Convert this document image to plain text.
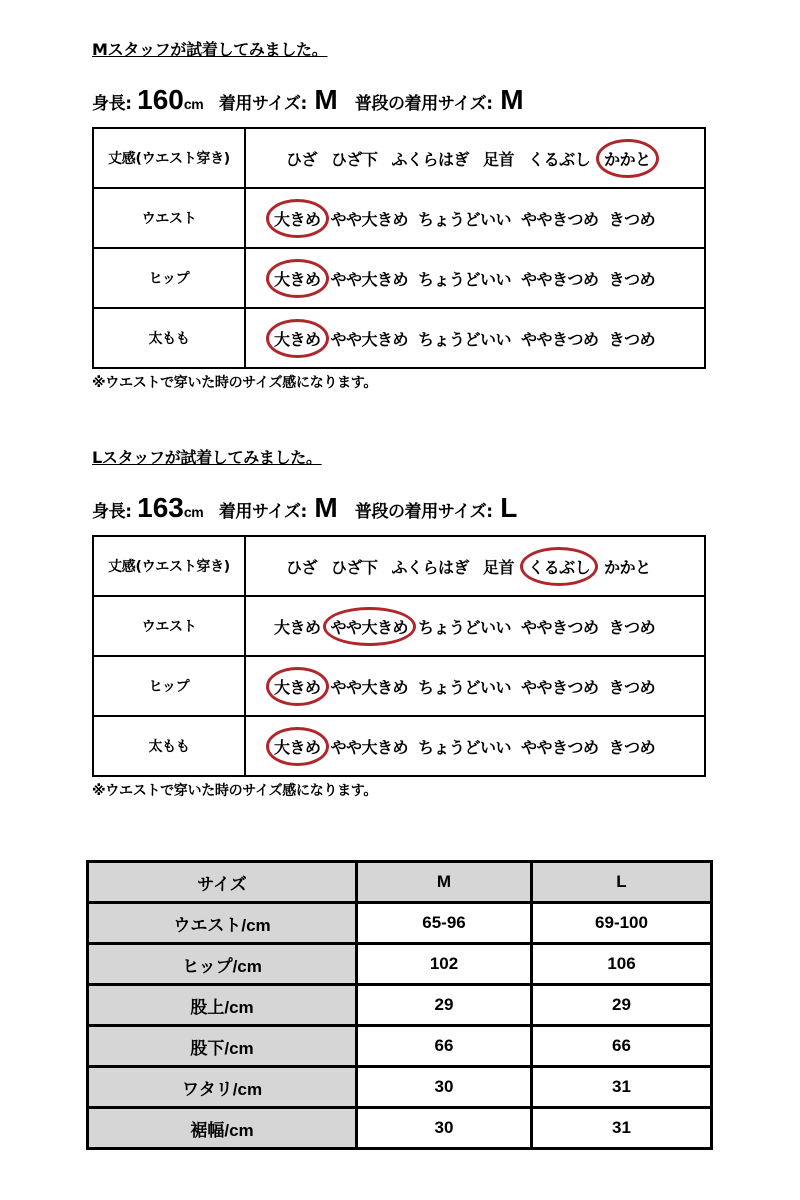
Mスタッフが試着してみました。
身長: 160cm 着用サイズ: M 普段の着用サイズ: M
丈感(ウエスト穿き)	ひざ ひざ下 ふくらはぎ 足首 くるぶし かかと
ウエスト	大きめ やや大きめ ちょうどいい ややきつめ きつめ
ヒップ	大きめ やや大きめ ちょうどいい ややきつめ きつめ
太もも	大きめ やや大きめ ちょうどいい ややきつめ きつめ
※ウエストで穿いた時のサイズ感になります。
Lスタッフが試着してみました。
身長: 163cm 着用サイズ: M 普段の着用サイズ: L
丈感(ウエスト穿き)	ひざ ひざ下 ふくらはぎ 足首 くるぶし かかと
ウエスト	大きめ やや大きめ ちょうどいい ややきつめ きつめ
ヒップ	大きめ やや大きめ ちょうどいい ややきつめ きつめ
太もも	大きめ やや大きめ ちょうどいい ややきつめ きつめ
※ウエストで穿いた時のサイズ感になります。
サイズ	M	L
ウエスト/cm	65-96	69-100
ヒップ/cm	102	106
股上/cm	29	29
股下/cm	66	66
ワタリ/cm	30	31
裾幅/cm	30	31
